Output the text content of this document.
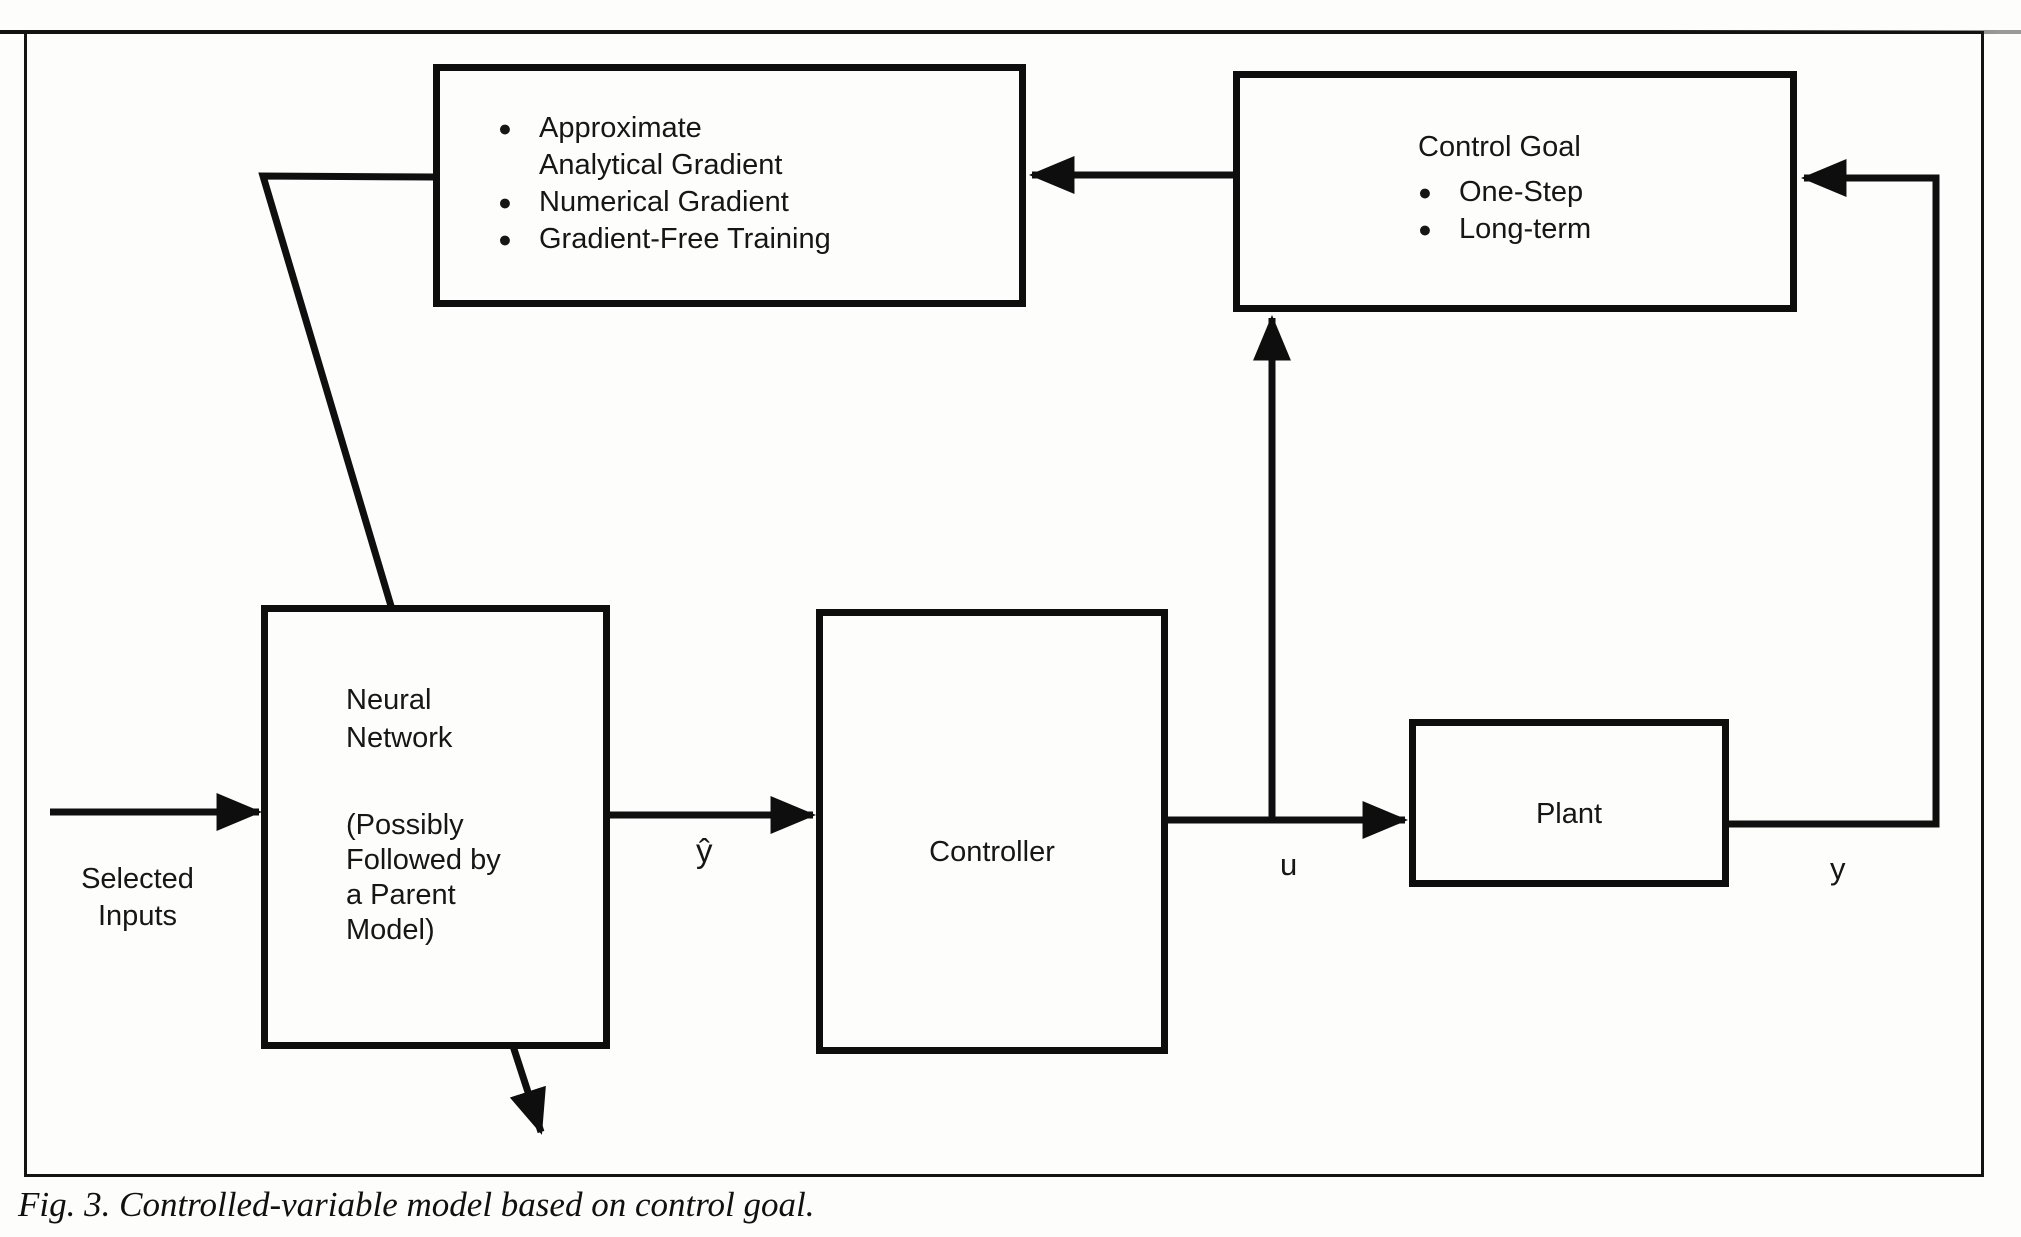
● Approximate
Analytical Gradient
● Numerical Gradient
● Gradient-Free Training
Control Goal
● One-Step
● Long-term
Neural
Network
(Possibly
Followed by
a Parent
Model)
Controller
Plant
Selected
Inputs
ŷ	u	y
Fig. 3. Controlled-variable model based on control goal.
